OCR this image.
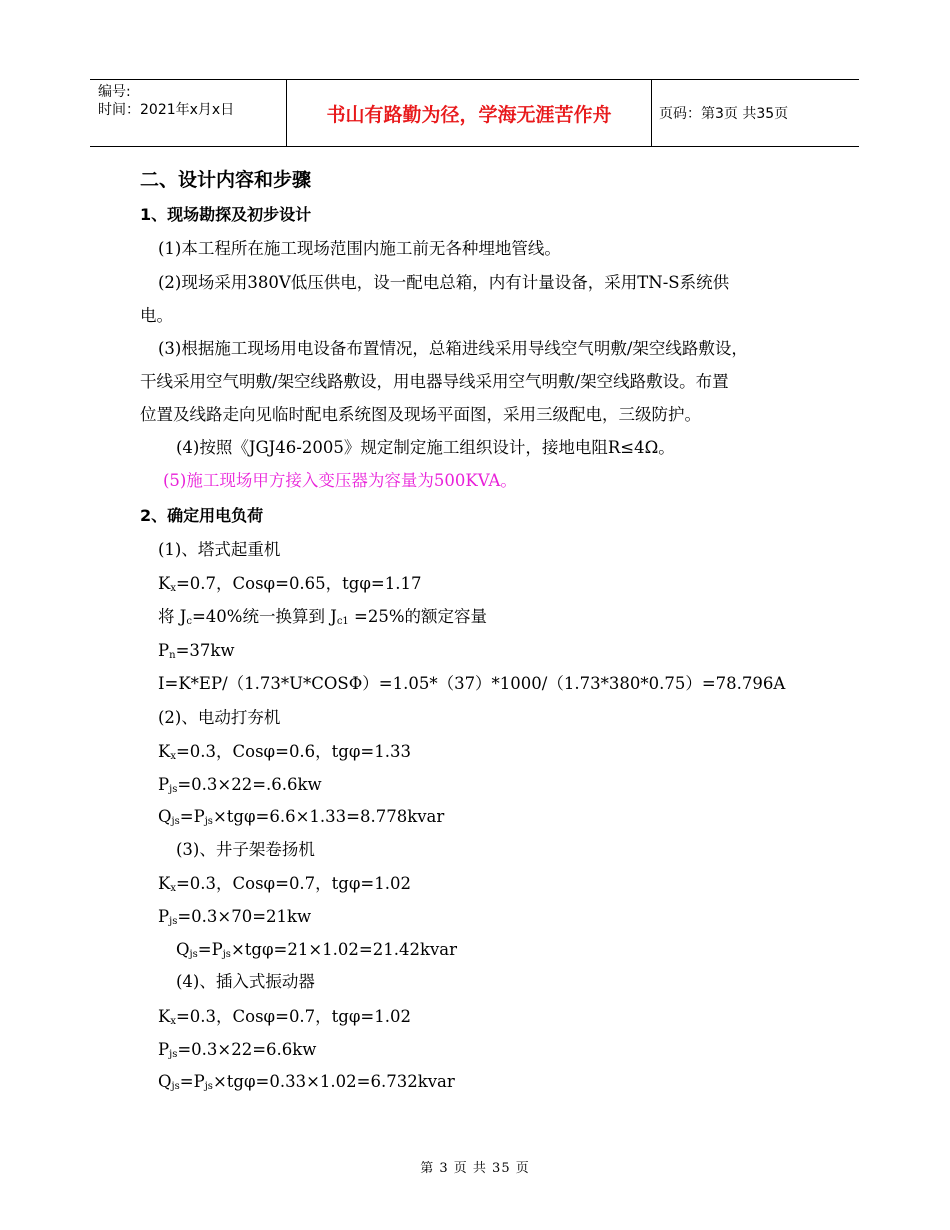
编号:
时间：2021年x月x日	书山有路勤为径，学海无涯苦作舟	页码：第3页 共35页
二、设计内容和步骤
1、现场勘探及初步设计
(1)本工程所在施工现场范围内施工前无各种埋地管线。
(2)现场采用380V低压供电，设一配电总箱，内有计量设备，采用TN-S系统供
电。
(3)根据施工现场用电设备布置情况，总箱进线采用导线空气明敷/架空线路敷设，
干线采用空气明敷/架空线路敷设，用电器导线采用空气明敷/架空线路敷设。布置
位置及线路走向见临时配电系统图及现场平面图，采用三级配电，三级防护。
(4)按照《JGJ46-2005》规定制定施工组织设计，接地电阻R≤4Ω。
(5)施工现场甲方接入变压器为容量为500KVA。
2、确定用电负荷
(1)、塔式起重机
$K_x=0.7$，Cosφ=0.65，tgφ=1.17
将 $J_c=40\%$统一换算到 $J_{c1} =25\%$的额定容量
$P_n=37kw$
I=K*EP/（1.73*U*COSΦ）=1.05*（37）*1000/（1.73*380*0.75）=78.796A
(2)、电动打夯机
$K_x=0.3$，Cosφ=0.6，tgφ=1.33
$P_{js}=0.3\times 22=.6.6kw$
$Q_{js}=P_{js}\times tg\varphi=6.6\times 1.33=8.778kvar$
(3)、井子架卷扬机
$K_x=0.3$，Cosφ=0.7，tgφ=1.02
$P_{js}=0.3\times 70=21kw$
$Q_{js}=P_{js}\times tg\varphi=21\times 1.02=21.42kvar$
(4)、插入式振动器
$K_x=0.3$，Cosφ=0.7，tgφ=1.02
$P_{js}=0.3\times 22=6.6kw$
$Q_{js}=P_{js}\times tg\varphi=0.33\times 1.02=6.732kvar$
第 3 页 共 35 页
